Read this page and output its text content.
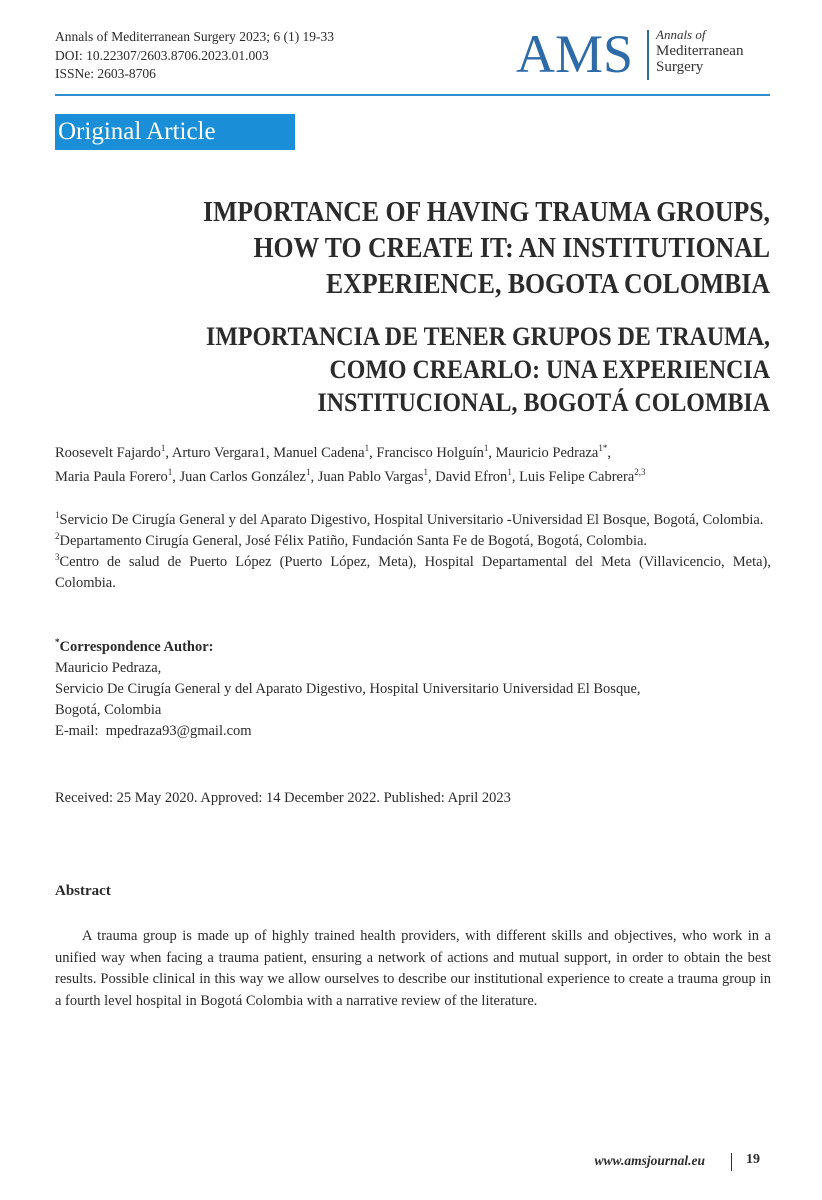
Annals of Mediterranean Surgery 2023; 6 (1) 19-33
DOI: 10.22307/2603.8706.2023.01.003
ISSNe: 2603-8706	AMS Annals of
Mediterranean
Surgery
Original Article
IMPORTANCE OF HAVING TRAUMA GROUPS,
HOW TO CREATE IT: AN INSTITUTIONAL
EXPERIENCE, BOGOTA COLOMBIA
IMPORTANCIA DE TENER GRUPOS DE TRAUMA,
COMO CREARLO: UNA EXPERIENCIA
INSTITUCIONAL, BOGOTÁ COLOMBIA
Roosevelt Fajardo$^1$, Arturo Vergara1, Manuel Cadena$^1$, Francisco Holguín$^1$, Mauricio Pedraza$^{1*}$,
Maria Paula Forero$^1$, Juan Carlos González$^1$, Juan Pablo Vargas$^1$, David Efron$^1$, Luis Felipe Cabrera$^{2,3}$

$^1$Servicio De Cirugía General y del Aparato Digestivo, Hospital Universitario -Universidad El Bosque, Bogotá, Colombia.

$^2$Departamento Cirugía General, José Félix Patiño, Fundación Santa Fe de Bogotá, Bogotá, Colombia.

$^3$Centro de salud de Puerto López (Puerto López, Meta), Hospital Departamental del Meta (Villavicencio, Meta), Colombia.

*Correspondence Author:

Mauricio Pedraza,

Servicio De Cirugía General y del Aparato Digestivo, Hospital Universitario Universidad El Bosque,

Bogotá, Colombia

E-mail: mpedraza93@gmail.com

Received: 25 May 2020. Approved: 14 December 2022. Published: April 2023
Abstract

A trauma group is made up of highly trained health providers, with different skills and objectives, who work in a unified way when facing a trauma patient, ensuring a network of actions and mutual support, in order to obtain the best results. Possible clinical in this way we allow ourselves to describe our institutional experience to create a trauma group in a fourth level hospital in Bogotá Colombia with a narrative review of the literature.

www.amsjournal.eu	19
